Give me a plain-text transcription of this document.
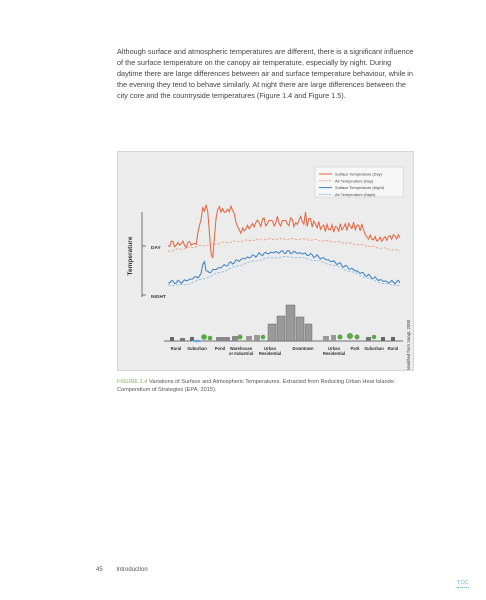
Although surface and atmospheric temperatures are different, there is a significant influence of the surface temperature on the canopy air temperature, especially by night. During daytime there are large differences between air and surface temperature behaviour, while in the evening they tend to behave similarly. At night there are large differences between the city core and the countryside temperatures (Figure 1.4 and Figure 1.5).
Temperature	DAY
NIGHT
Surface Temperature (Day)
Air Temperature (Day)
Surface Temperature (Night)
Air Temperature (Night)
Rural Suburban Pond Warehouse or Industrial
Urban Residential
Downtown	Urban Residential
Park Suburban Rural Modified from Voogt, 2000
FIGURE 1.4 Variations of Surface and Atmospheric Temperatures. Extracted from Reducing Urban Heat Islands: Compendium of Strategies (EPA, 2015).
45 Introduction
TOC
